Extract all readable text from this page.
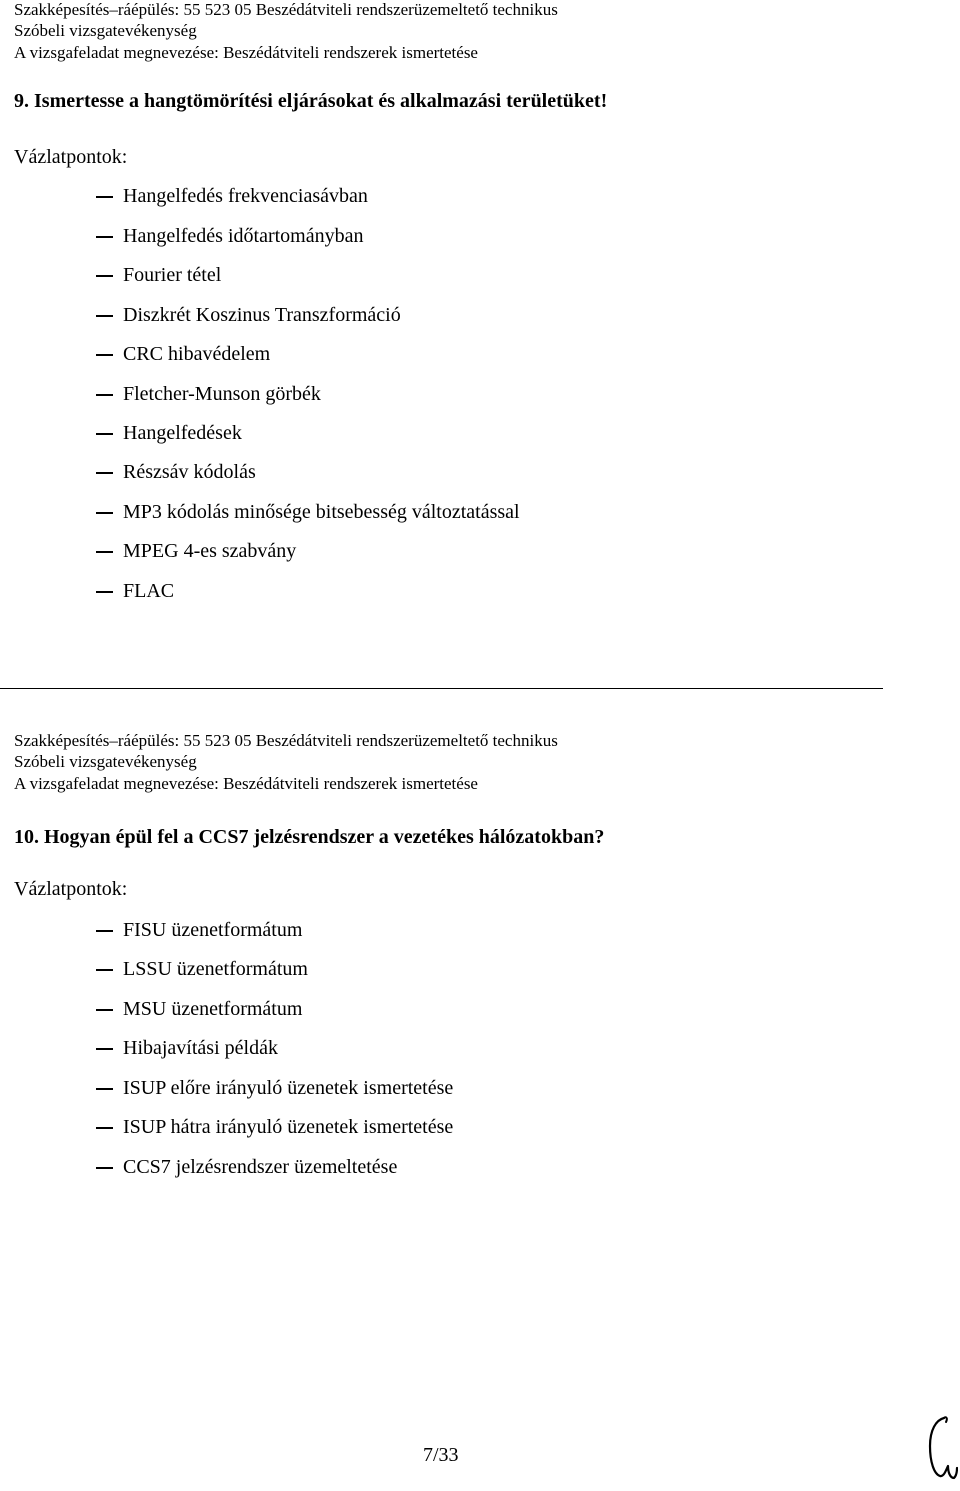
Szakképesítés–ráépülés: 55 523 05 Beszédátviteli rendszerüzemeltető technikus
Szóbeli vizsgatevékenység
A vizsgafeladat megnevezése: Beszédátviteli rendszerek ismertetése
9. Ismertesse a hangtömörítési eljárásokat és alkalmazási területüket!
Vázlatpontok:
Hangelfedés frekvenciasávban
Hangelfedés időtartományban
Fourier tétel
Diszkrét Koszinus Transzformáció
CRC hibavédelem
Fletcher-Munson görbék
Hangelfedések
Részsáv kódolás
MP3 kódolás minősége bitsebesség változtatással
MPEG 4-es szabvány
FLAC
Szakképesítés–ráépülés: 55 523 05 Beszédátviteli rendszerüzemeltető technikus
Szóbeli vizsgatevékenység
A vizsgafeladat megnevezése: Beszédátviteli rendszerek ismertetése
10. Hogyan épül fel a CCS7 jelzésrendszer a vezetékes hálózatokban?
Vázlatpontok:
FISU üzenetformátum
LSSU üzenetformátum
MSU üzenetformátum
Hibajavítási példák
ISUP előre irányuló üzenetek ismertetése
ISUP hátra irányuló üzenetek ismertetése
CCS7 jelzésrendszer üzemeltetése
7/33
